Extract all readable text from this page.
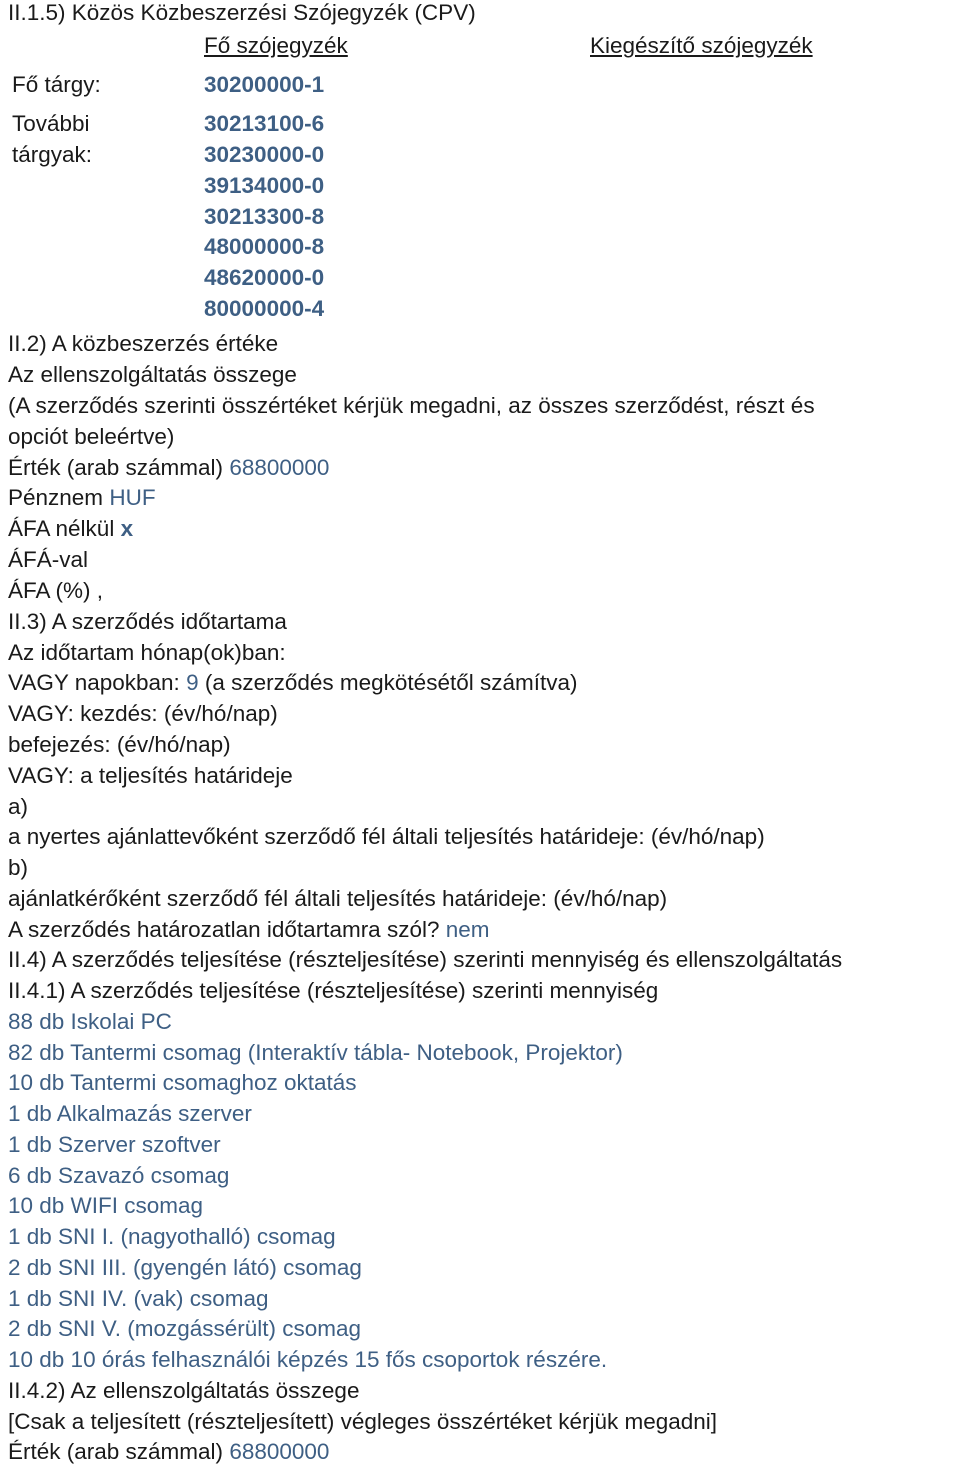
II.1.5) Közös Közbeszerzési Szójegyzék (CPV)
Fő szójegyzék	Kiegészítő szójegyzék
Fő tárgy:	30200000-1
További
tárgyak:
30213100-6
30230000-0
39134000-0
30213300-8
48000000-8
48620000-0
80000000-4
II.2) A közbeszerzés értéke
Az ellenszolgáltatás összege
(A szerződés szerinti összértéket kérjük megadni, az összes szerződést, részt és
opciót beleértve)
Érték (arab számmal) 68800000
Pénznem HUF
ÁFA nélkül x
ÁFÁ-val
ÁFA (%) ,
II.3) A szerződés időtartama
Az időtartam hónap(ok)ban:
VAGY napokban: 9 (a szerződés megkötésétől számítva)
VAGY: kezdés: (év/hó/nap)
befejezés: (év/hó/nap)
VAGY: a teljesítés határideje
a)
a nyertes ajánlattevőként szerződő fél általi teljesítés határideje: (év/hó/nap)
b)
ajánlatkérőként szerződő fél általi teljesítés határideje: (év/hó/nap)
A szerződés határozatlan időtartamra szól? nem
II.4) A szerződés teljesítése (részteljesítése) szerinti mennyiség és ellenszolgáltatás
II.4.1) A szerződés teljesítése (részteljesítése) szerinti mennyiség
88 db Iskolai PC
82 db Tantermi csomag (Interaktív tábla- Notebook, Projektor)
10 db Tantermi csomaghoz oktatás
1 db Alkalmazás szerver
1 db Szerver szoftver
6 db Szavazó csomag
10 db WIFI csomag
1 db SNI I. (nagyothalló) csomag
2 db SNI III. (gyengén látó) csomag
1 db SNI IV. (vak) csomag
2 db SNI V. (mozgássérült) csomag
10 db 10 órás felhasználói képzés 15 fős csoportok részére.
II.4.2) Az ellenszolgáltatás összege
[Csak a teljesített (részteljesített) végleges összértéket kérjük megadni]
Érték (arab számmal) 68800000
